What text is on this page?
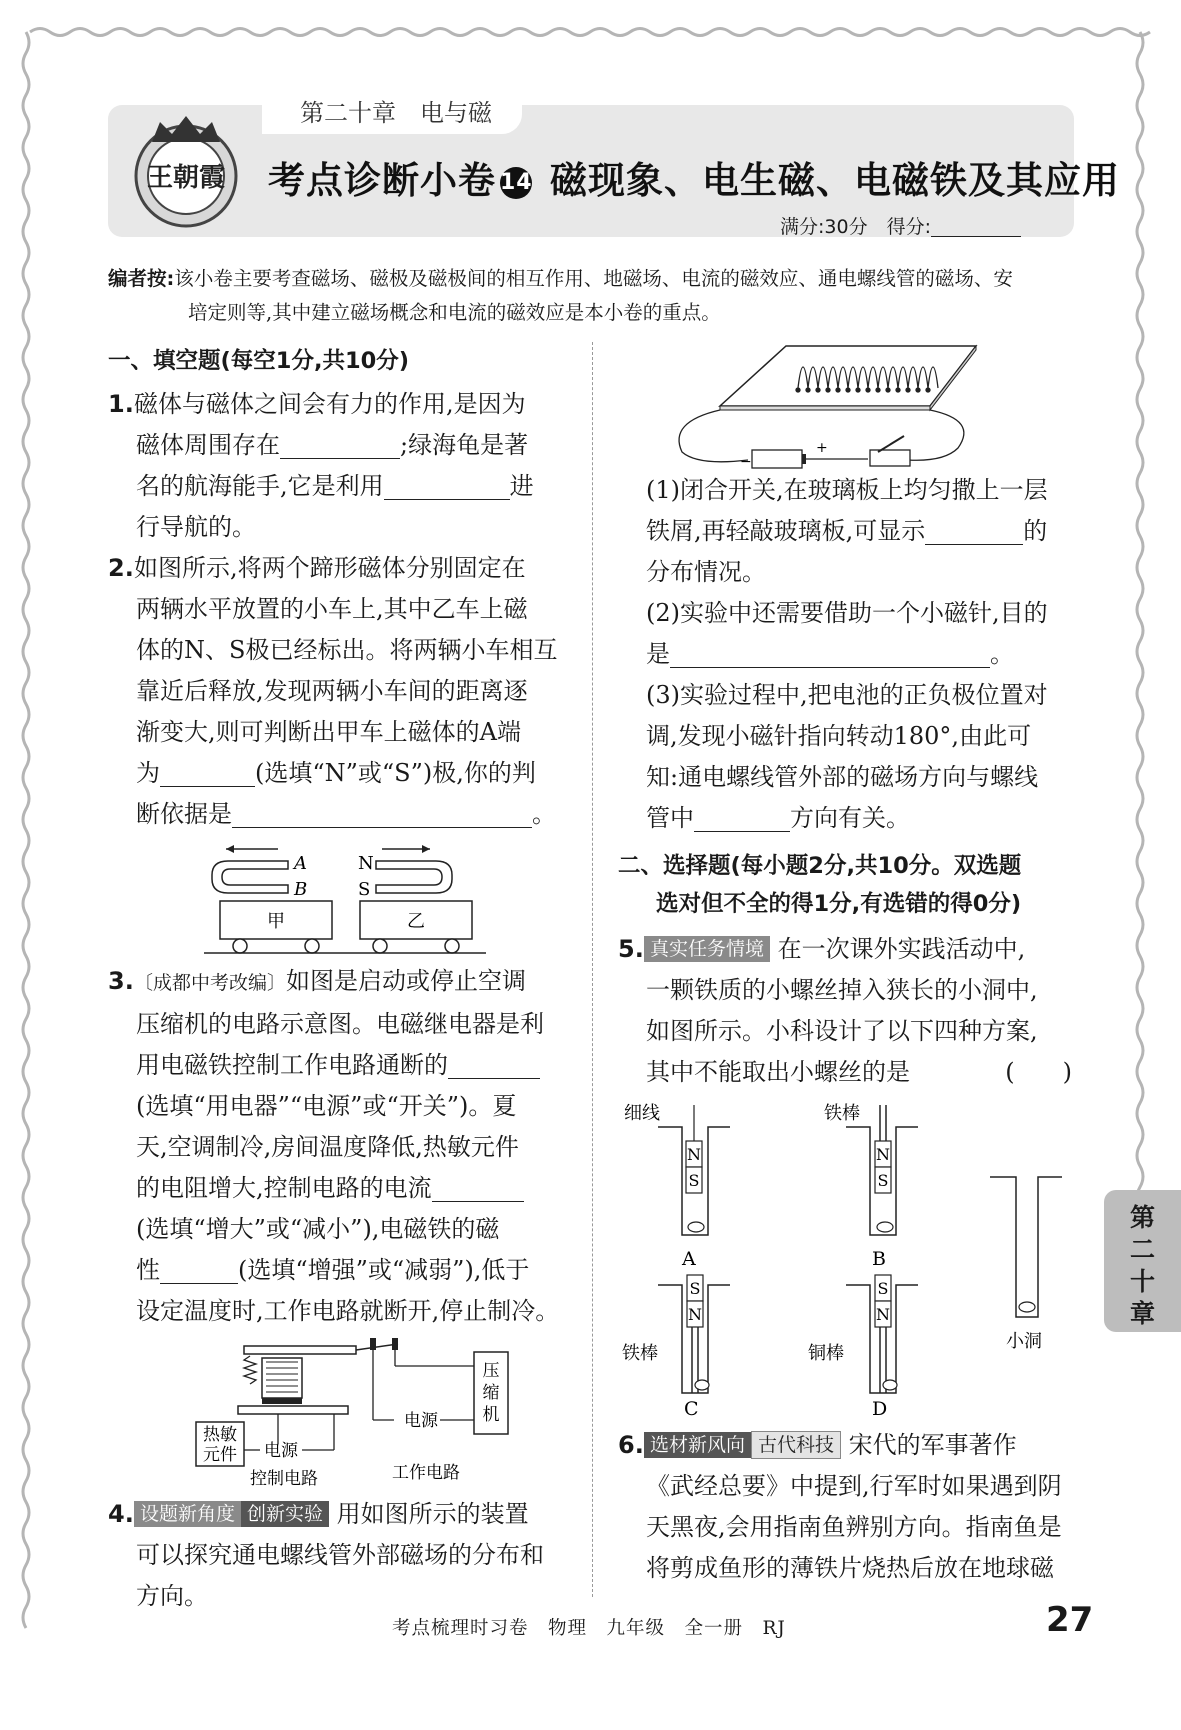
第二十章　电与磁
王朝霞 考点诊断小卷 14 磁现象、电生磁、电磁铁及其应用
满分:30分　得分:
编者按:该小卷主要考查磁场、磁极及磁极间的相互作用、地磁场、电流的磁效应、通电螺线管的磁场、安
培定则等,其中建立磁场概念和电流的磁效应是本小卷的重点。

一、填空题(每空1分,共10分)

1.磁体与磁体之间会有力的作用,是因为

磁体周围存在	;绿海龟是著

名的航海能手,它是利用	进

行导航的。

2.如图所示,将两个蹄形磁体分别固定在

两辆水平放置的小车上,其中乙车上磁

体的N、S极已经标出。将两辆小车相互

靠近后释放,发现两辆小车间的距离逐

渐变大,则可判断出甲车上磁体的A端

为	(选填“N”或“S”)极,你的判

断依据是	。

A
B
N
S
甲	乙

3.〔成都中考改编〕如图是启动或停止空调

压缩机的电路示意图。电磁继电器是利

用电磁铁控制工作电路通断的

(选填“用电器”“电源”或“开关”)。夏

天,空调制冷,房间温度降低,热敏元件

的电阻增大,控制电路的电流

(选填“增大”或“减小”),电磁铁的磁

性	(选填“增强”或“减弱”),低于

设定温度时,工作电路就断开,停止制冷。

电源
压
缩
机
热敏
元件 电源
控制电路	工作电路

4. 设题新角度 创新实验 用如图所示的装置

可以探究通电螺线管外部磁场的分布和

方向。

−
+

(1)闭合开关,在玻璃板上均匀撒上一层

铁屑,再轻敲玻璃板,可显示	的

分布情况。

(2)实验中还需要借助一个小磁针,目的

是	。

(3)实验过程中,把电池的正负极位置对

调,发现小磁针指向转动180°,由此可

知:通电螺线管外部的磁场方向与螺线

管中	方向有关。

二、选择题(每小题2分,共10分。双选题

选对但不全的得1分,有选错的得0分)

5. 真实任务情境 在一次课外实践活动中,

一颗铁质的小螺丝掉入狭长的小洞中,

如图所示。小科设计了以下四种方案,

其中不能取出小螺丝的是	(　　)

N
S
N
S
S
N
S
N
细线	铁棒
小洞
铁棒	铜棒
A	B
C	D

6. 选材新风向 古代科技 宋代的军事著作

《武经总要》中提到,行军时如果遇到阴

天黑夜,会用指南鱼辨别方向。指南鱼是

将剪成鱼形的薄铁片烧热后放在地球磁

第二十章
考点梳理时习卷　物理　九年级　全一册　RJ	27
